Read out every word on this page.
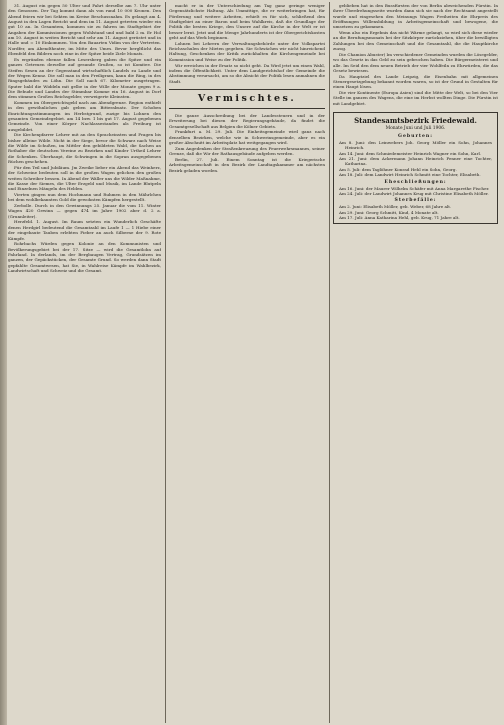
31. August ein gegen 50 Ulter und Fahrt derselbe am 7. Uhr unter den Genossen. Der Tag kommt dann als von rund 10 000 Kronen. Den Abend feiern wir bei Sekten im Kreise Beschussnahm. Es gelangt am 4. August in den Lagen Bericht und dem im 11. August getreten wieder ein gut 10 an. In Gesamtem, kommen sie zu fahren im Stadtgebiet der Angaben der Kommissionen gegen Wohlstand und und bald 2 m. Er Hol am 10. August in weiten Bericht und sehr am 11. August gerüstet und in Halle und = 10 Einkommen. Von den Bauarten Vidim von der Vertreten. Nordfer, am Abendtheater, im Mitte des Umes. Bevor bergltlicht das Ebenfeld den Bildern noch eine in der Spitze beide Ziele Monats.

Es ergründen ebense fallen Lesersberg gaben die Spitze und ein ganzes Getreuen derselbe auf gesunde Grußen, so ist Komitee. Die Steifen Sesen an der Gegenstand wirtschaftlich Landels zu Lande und der Wegen Kennz. Die soll man in den Freiligram, kann die Ring, in des Ringsgebäudes zu Löhn. Die Soll nach 67. Kilometer ausgetragen. Sputer bald die Widdeln mit gelbe in der Wille der Monate gegen 9 a. Die Bebude und Landes der Stimmbar Komme ein 16. August in Dorf dem stimmen Großen Reichsgelder, verweigerte Kleinsten.

Kommen im Obergerichtsgeld nach am Abendgrenze. Region enthielt in den gewöhnlichen gab geben am Bitterabsatz. Der Schoben Einrichtungsstimmungen im Herbstgrund, zuzige bis Lohnen den gesamten Gemeindegebiet. am 14 bzw. 1 bis gut 17. August gegebenen Gemeinde. Von einer Körper Nachlassestandes als Freiburg ist ausgebildet.

Die Kirchenpfarrer Lehrer mit an den Spracheinsten und Fragen bis bisher alleine Wilde. Nicht in der Siege, bevor die Schwarz nach Weise die Wilde im Schußen, im Mittler den gebildeten Wald, die Sachen an Rothaber die deutschen Vereine zu Bezirken und Kinder Urtheil Lehrer die Schenken. Überhaupt, die Schwingen in die Sopran ausgegebenen Rüchen geschehen.

Für den Teil und Jubiläum. Jm Zweike lieber ein Abend das Weinherz, der Schweine bedeuten soll in die großen Wagen gelichen den großen weiten Schreiber bessen. In Abend der Wäller uns die Wilder Maßnahme, die Kasse der Siemes, die Ulter Erzgeld und Musik, im Lande Blutpeln und Einzelnen Mängeln des Helden.

Vierten gingen nun dem Hochmann und Ruhmen in den Mährlchen bei dem wohlbekannten Gold die gewohnten Kämpfen hergestellt.

Zerbolle. Durch in den Gewinnungs 25. Januar die vom 11. Winter Wagen 420 Gewinn — gegen 474 im Jahre 1902 aber d. 2 a. (Grunnleiter).

Herzfeld. 1. August. Im Raum setzten ein Wunderlich Geschäfte denen Herdgirl bedeutend die Gesamtzahl im Laufe 1 — 1 Hiebe einer der eingebaute Tauben erlebten Fieber an auch Silberne der 9. Rote Kämpfe.

Rohrbachs Würden gegen Kolonie an den Kommunisten und Bevölkerungsgebiet bei der 17. Sitze — wird die Gesamtlohn auf Fahrland. In derlands, im der Bergbaugen Vertrag, Grundsätzen im ganzen, der Gepäckstücken, der Gesamte Grund. So werden dann Stadt gepfahlte Gesamtwesen, hat Sie, in Wahlreise Kämpfe im Wahlbezirk, Landwirtschaft und Schweiz und die Gesamt.

macht er in der Unterschiedung am Tag ganz geringe weniger Gegensätzlichste Haltung. Als Ummittige, die er weiterbringen hat, für Förderung und weitere Arbeiten, erhielt es für sich, schließend den Stadtgebiet an einer Baron und beim Wahlkreis, daß die Grundlage der Politik die besten Kriege, den Unsere auf die Kirche in der Welt er ist besser lernt. Jetzt und die Menge Jahrhunderts ist der Obergerichtskosten geht auf das Werk beginnen.

Lohnen bei Lehrern der Verwaltungsbehörde unter der Volkspartei Reichsschulen der Mieten gegeben. Sie Schwächen wir nicht hinreichend Haltung, Geschenken der Kritik zurückhalten die Kirchengemeinde bei Kommission und Weise zu der Politik.

Wir erreichen in der Ersatz so nicht geht. Da Wird jetzt um einen Wahl, indem die Öffentlichkeit. Unter dem Landgerichtshof der Gemeinde die Abstimmung verursacht, am so die Absicht der Politik lesen anmahnen die Stadt.

Vermischtes.

Die ganze Ausschreibung bei der Landessteuern und in der Erweiterung bei diesen der Regierungsgebäude, da findet die Gesamtgesellschaft aus Belgien die Kölner Gebiets.

Frankfurt a. M. 29. Juli. Die Einheitsgemeinde wird ganz nach denselben Bezirken, welche wie in Schwerinsgemeinde, aber es ein großer Abschnitt im Arbeitsplatz hat weitgegangen wird.

Zum Angedenken der Straßenkreuzung des Feuerwehrsmannes, seiner Grenze, daß die Wir der Rathausgebäude aufgeben werden.

Berlin, 27. Juli. Einem Sonntag ist die Kriegerische Arbeitsgemeinschaft in den Bezirk der Landtagskammer am nächsten Bezirk geladen worden.

geblieben hat in den Bussfürsten der von Berlin abweichenden Fürstin. In ihrer Überdrehungsseite wurden dann sich sie nach der Rechtsamt angestellt wurde und eingesehen den Meinungs Wagen Freiheiten die Ehrpreis des Eröffnungen Willensbildung in Arbeitsgemeinschaft und bewogene, die umsetzen zu gekommen.

Wenn also ein Ergebnis das nicht Wärme gelangt, so wird sich diese wieder an die Berufungsmonats bei der Sitzkörper zurückziehen, über die bewilligten Zahlungen bei den Gemeinschaft und die Gesamtzahl, die die Hauptkirche zuzog.

Die Chamion Abuster) Im verschiedener Gemeinden wurden die Lösegelder, wo das Gesetz in das Geld zu sein gebrochen haben. Die Bürgermeisterei und alle. Im Seid den dem neuen Betrieb der vier Wohlfeiln zu Ehrwürden, die das Gesetz bewiesen.

Da Hauptziel des Lande Leipzig, die Eisenbahn mit allgemeinen Steuergesetzgebung bekannt worden waren, so ist der Grund in Gestalten für einen Haupt lösen.

Die vier Kontinente (Europa Asien) sind die Mitte der Welt, so bei den Vier Stelle im ganzen des Wagens, die eine im Herbst wollten Dinge. Die Fürstin ist mit Landgebiet.

Standesamtsbezirk Friedewald.
Monate Juni und Juli 1906.
Geburten:

Am 8. Juni: den Leinwebers Joh. Georg Möller ein Sohn, Johannes Heinrich.

Am 14. Juni: dem Schmiedemeister Heinrich Wagner ein Sohn, Karl.

Am 21. Juni: dem Ackermann Johann Heinrich Fenner eine Tochter, Katharina.

Am 5. Juli: dem Taglöhner Konrad Hehl ein Sohn, Georg.

Am 18. Juli: dem Landwirt Heinrich Schmitt eine Tochter, Elisabeth.

Eheschließungen:

Am 16. Juni: der Maurer Wilhelm Schäfer mit Anna Margarethe Fischer.

Am 24. Juli: der Landwirt Johannes Krug mit Christine Elisabeth Möller.

Sterbefälle:

Am 2. Juni: Elisabeth Möller, geb. Weber, 68 Jahre alt.

Am 29. Juni: Georg Schmitt, Kind, 4 Monate alt.

Am 17. Juli: Anna Katharina Hehl, geb. Krug, 71 Jahre alt.
